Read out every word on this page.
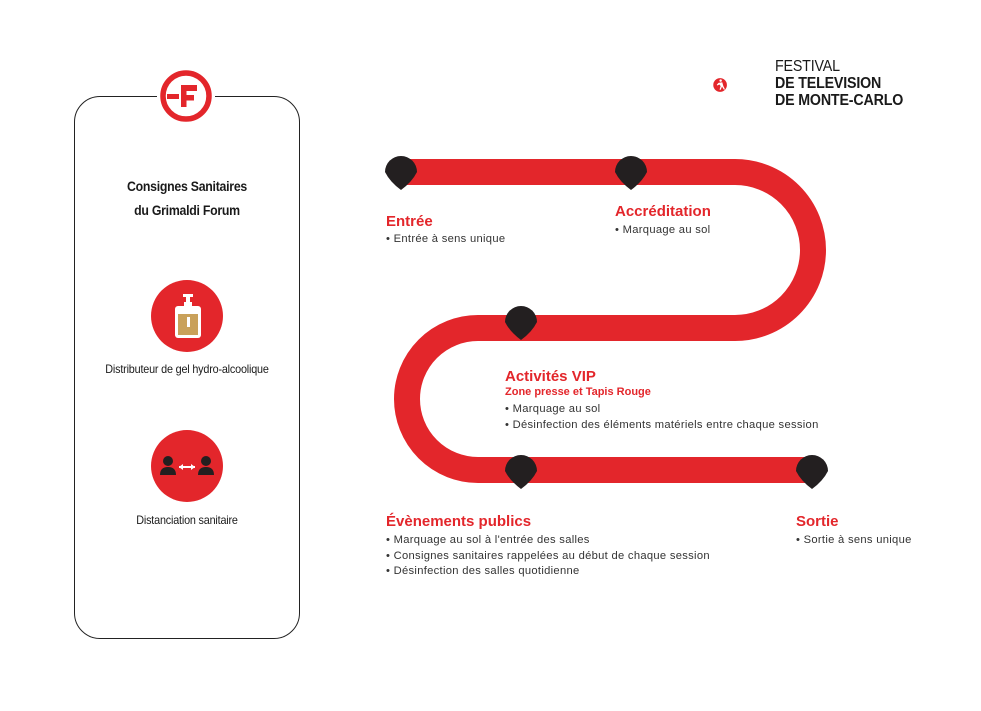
Consignes Sanitaires
du Grimaldi Forum
Distributeur de gel hydro-alcoolique
Distanciation sanitaire
FESTIVAL
DE TELEVISION
DE MONTE-CARLO
Entrée
• Entrée à sens unique
Accréditation
• Marquage au sol
Activités VIP
Zone presse et Tapis Rouge
• Marquage au sol
• Désinfection des éléments matériels entre chaque session
Évènements publics
• Marquage au sol à l'entrée des salles
• Consignes sanitaires rappelées au début de chaque session
• Désinfection des salles quotidienne
Sortie
• Sortie à sens unique
